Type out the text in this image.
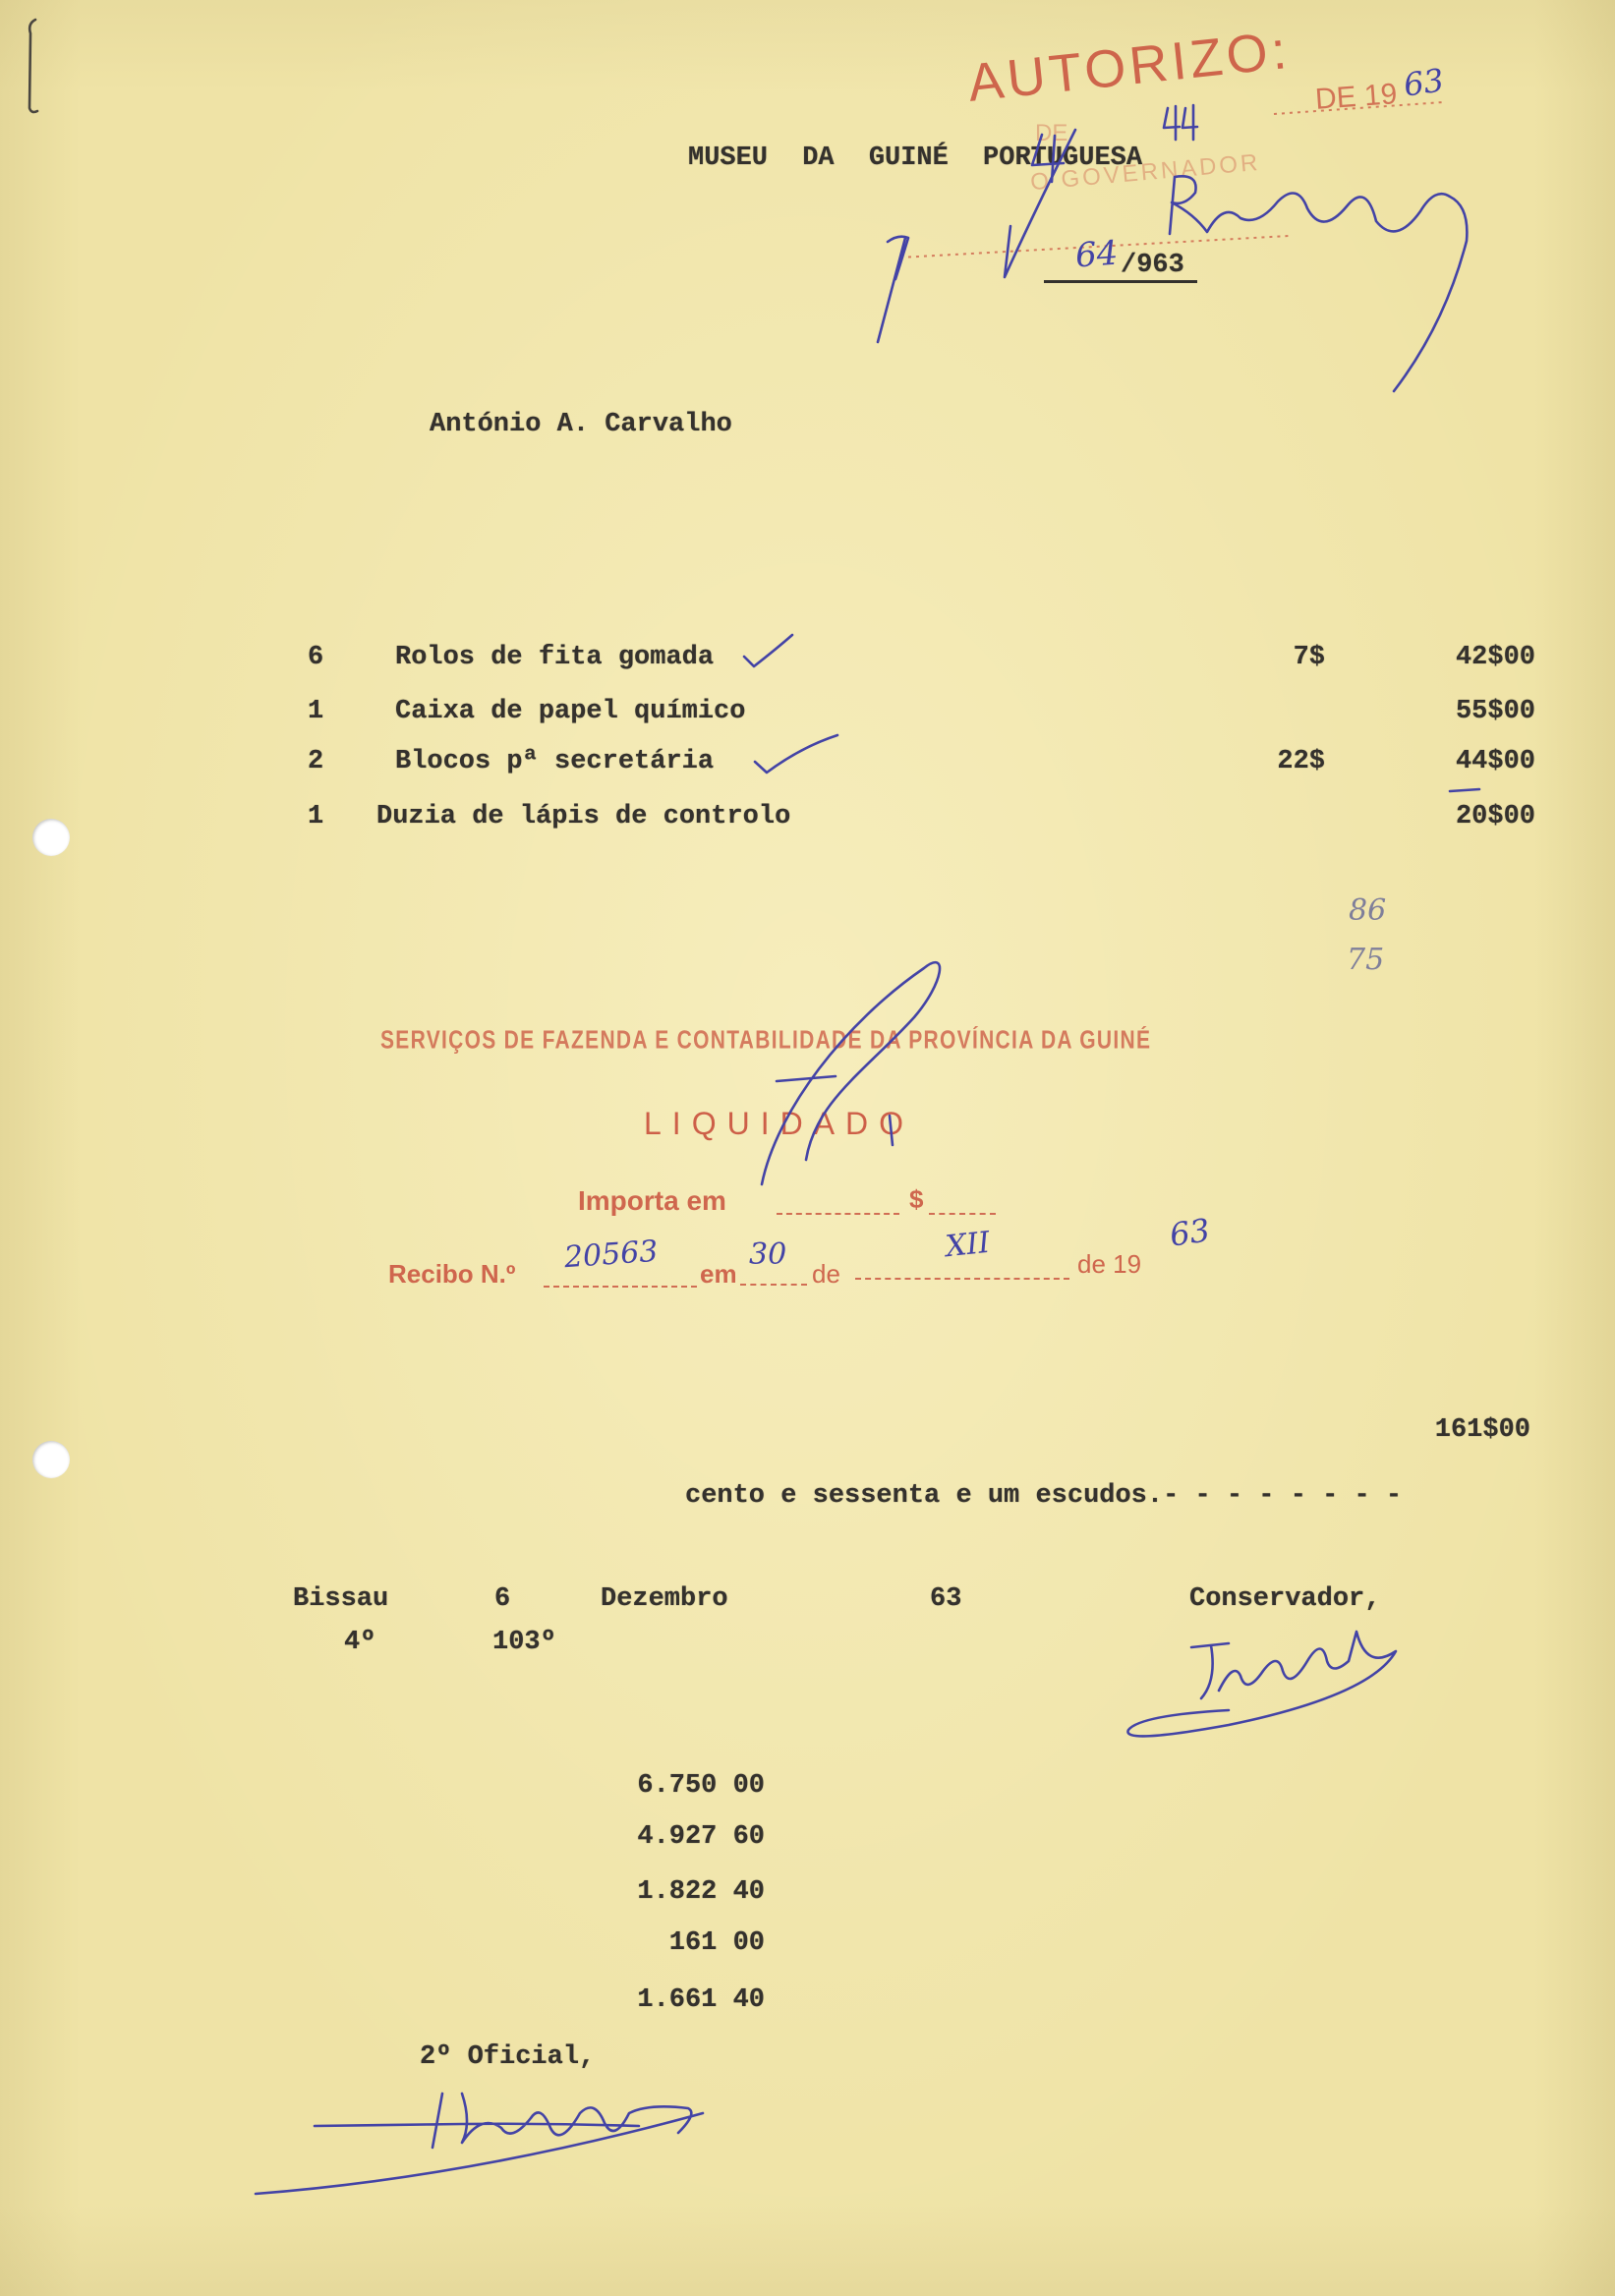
MUSEU DA GUINÉ PORTUGUESA
/963
António A. Carvalho
6	Rolos de fita gomada	7$	42$00
1	Caixa de papel químico	55$00
2	Blocos pª secretária	22$	44$00
1 Duzia de lápis de controlo	20$00
86
75
AUTORIZO: DE 19
DE
O GOVERNADOR
63
SERVIÇOS DE FAZENDA E CONTABILIDADE DA PROVÍNCIA DA GUINÉ
LIQUIDADO
Importa em	$
Recibo N.º	em	de	de 19
20563	30	XII	63
161$00
cento e sessenta e um escudos.- - - - - - - -
Bissau	6	Dezembro	63	Conservador,
4º	103º
6.750 00
4.927 60
1.822 40
161 00
1.661 40
2º Oficial,
64
